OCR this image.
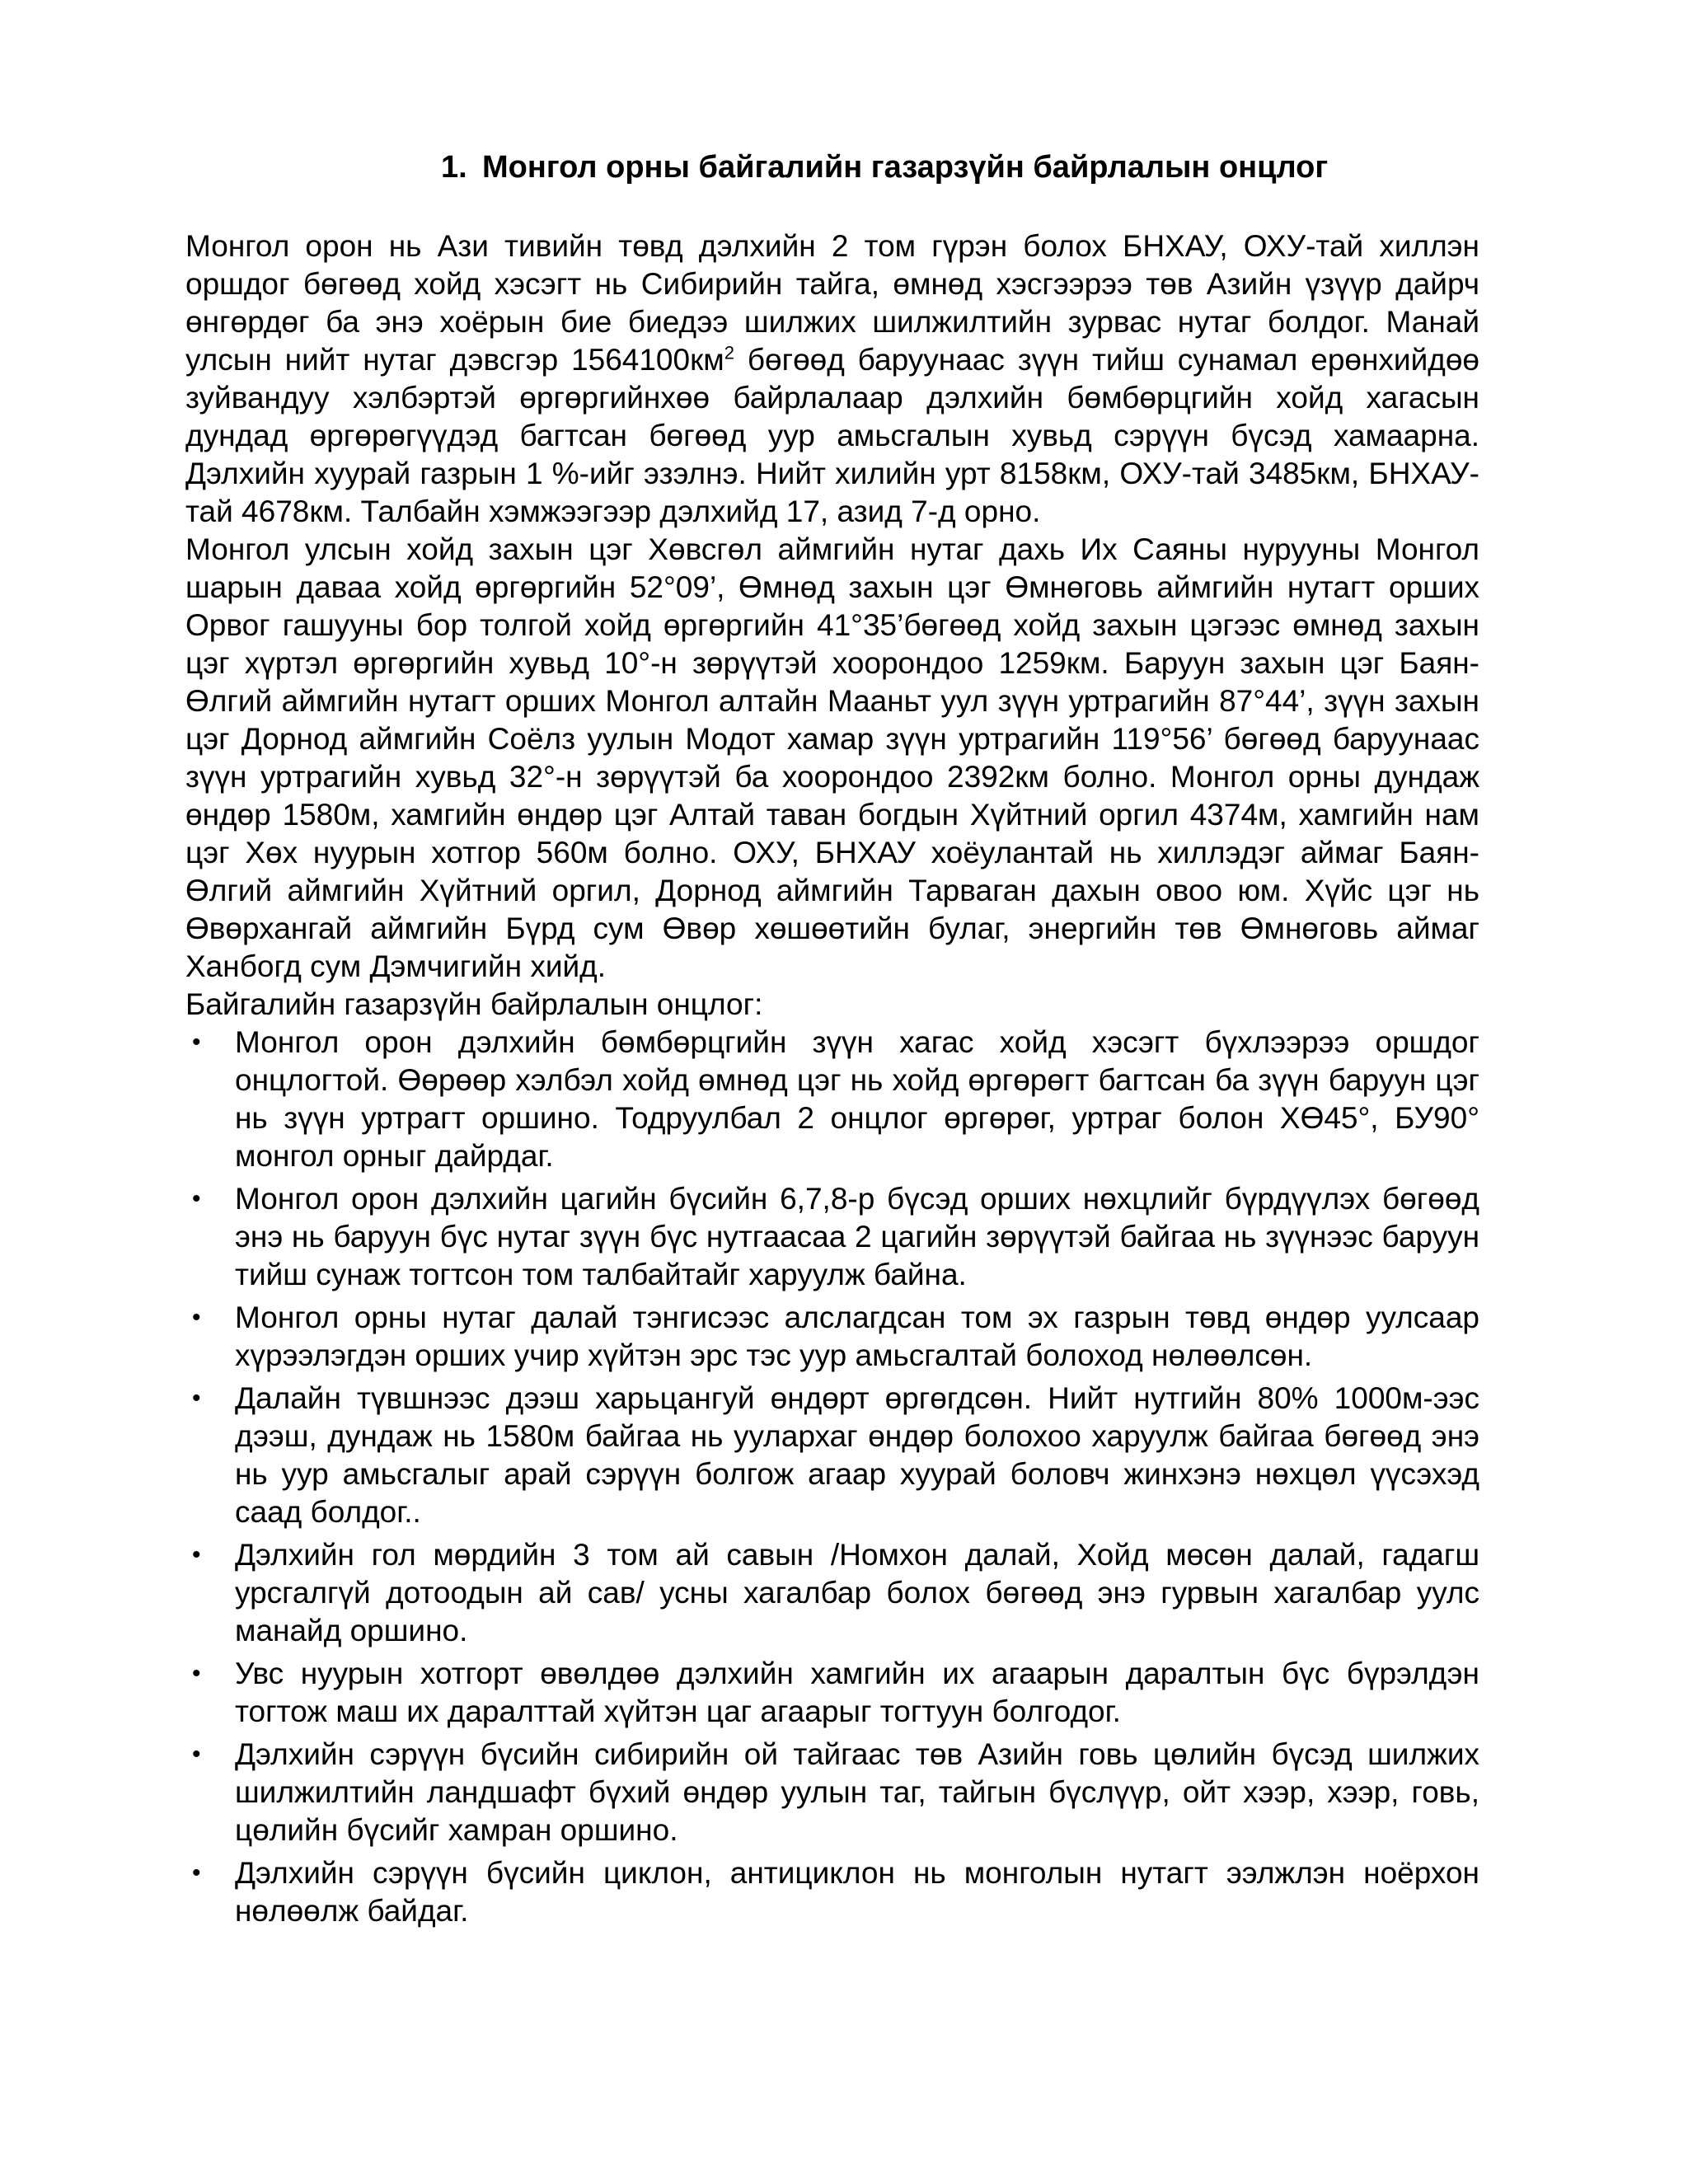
1. Монгол орны байгалийн газарзүйн байрлалын онцлог

Монгол орон нь Ази тивийн төвд дэлхийн 2 том гүрэн болох БНХАУ, ОХУ-тай хиллэн оршдог бөгөөд хойд хэсэгт нь Сибирийн тайга, өмнөд хэсгээрээ төв Азийн үзүүр дайрч өнгөрдөг ба энэ хоёрын бие биедээ шилжих шилжилтийн зурвас нутаг болдог. Манай улсын нийт нутаг дэвсгэр $1564100км^2$ бөгөөд баруунаас зүүн тийш сунамал ерөнхийдөө зуйвандуу хэлбэртэй өргөргийнхөө байрлалаар дэлхийн бөмбөрцгийн хойд хагасын дундад өргөрөгүүдэд багтсан бөгөөд уур амьсгалын хувьд сэрүүн бүсэд хамаарна. Дэлхийн хуурай газрын 1 %-ийг эзэлнэ. Нийт хилийн урт 8158км, ОХУ-тай 3485км, БНХАУ-тай 4678км. Талбайн хэмжээгээр дэлхийд 17, азид 7-д орно.

Монгол улсын хойд захын цэг Хөвсгөл аймгийн нутаг дахь Их Саяны нурууны Монгол шарын даваа хойд өргөргийн 52°09’, Өмнөд захын цэг Өмнөговь аймгийн нутагт орших Орвог гашууны бор толгой хойд өргөргийн 41°35’бөгөөд хойд захын цэгээс өмнөд захын цэг хүртэл өргөргийн хувьд 10°-н зөрүүтэй хоорондоо 1259км. Баруун захын цэг Баян-Өлгий аймгийн нутагт орших Монгол алтайн Мааньт уул зүүн уртрагийн 87°44’, зүүн захын цэг Дорнод аймгийн Соёлз уулын Модот хамар зүүн уртрагийн 119°56’ бөгөөд баруунаас зүүн уртрагийн хувьд 32°-н зөрүүтэй ба хоорондоо 2392км болно. Монгол орны дундаж өндөр 1580м, хамгийн өндөр цэг Алтай таван богдын Хүйтний оргил 4374м, хамгийн нам цэг Хөх нуурын хотгор 560м болно. ОХУ, БНХАУ хоёулантай нь хиллэдэг аймаг Баян-Өлгий аймгийн Хүйтний оргил, Дорнод аймгийн Тарваган дахын овоо юм. Хүйс цэг нь Өвөрхангай аймгийн Бүрд сум Өвөр хөшөөтийн булаг, энергийн төв Өмнөговь аймаг Ханбогд сум Дэмчигийн хийд.

Байгалийн газарзүйн байрлалын онцлог:

• Монгол орон дэлхийн бөмбөрцгийн зүүн хагас хойд хэсэгт бүхлээрээ оршдог онцлогтой. Өөрөөр хэлбэл хойд өмнөд цэг нь хойд өргөрөгт багтсан ба зүүн баруун цэг нь зүүн уртрагт оршино. Тодруулбал 2 онцлог өргөрөг, уртраг болон ХӨ45°, БУ90° монгол орныг дайрдаг.
• Монгол орон дэлхийн цагийн бүсийн 6,7,8-р бүсэд орших нөхцлийг бүрдүүлэх бөгөөд энэ нь баруун бүс нутаг зүүн бүс нутгаасаа 2 цагийн зөрүүтэй байгаа нь зүүнээс баруун тийш сунаж тогтсон том талбайтайг харуулж байна.
• Монгол орны нутаг далай тэнгисээс алслагдсан том эх газрын төвд өндөр уулсаар хүрээлэгдэн орших учир хүйтэн эрс тэс уур амьсгалтай болоход нөлөөлсөн.
• Далайн түвшнээс дээш харьцангуй өндөрт өргөгдсөн. Нийт нутгийн 80% 1000м-ээс дээш, дундаж нь 1580м байгаа нь уулархаг өндөр болохоо харуулж байгаа бөгөөд энэ нь уур амьсгалыг арай сэрүүн болгож агаар хуурай боловч жинхэнэ нөхцөл үүсэхэд саад болдог..
• Дэлхийн гол мөрдийн 3 том ай савын /Номхон далай, Хойд мөсөн далай, гадагш урсгалгүй дотоодын ай сав/ усны хагалбар болох бөгөөд энэ гурвын хагалбар уулс манайд оршино.
• Увс нуурын хотгорт өвөлдөө дэлхийн хамгийн их агаарын даралтын бүс бүрэлдэн тогтож маш их даралттай хүйтэн цаг агаарыг тогтуун болгодог.
• Дэлхийн сэрүүн бүсийн сибирийн ой тайгаас төв Азийн говь цөлийн бүсэд шилжих шилжилтийн ландшафт бүхий өндөр уулын таг, тайгын бүслүүр, ойт хээр, хээр, говь, цөлийн бүсийг хамран оршино.
• Дэлхийн сэрүүн бүсийн циклон, антициклон нь монголын нутагт ээлжлэн ноёрхон нөлөөлж байдаг.
